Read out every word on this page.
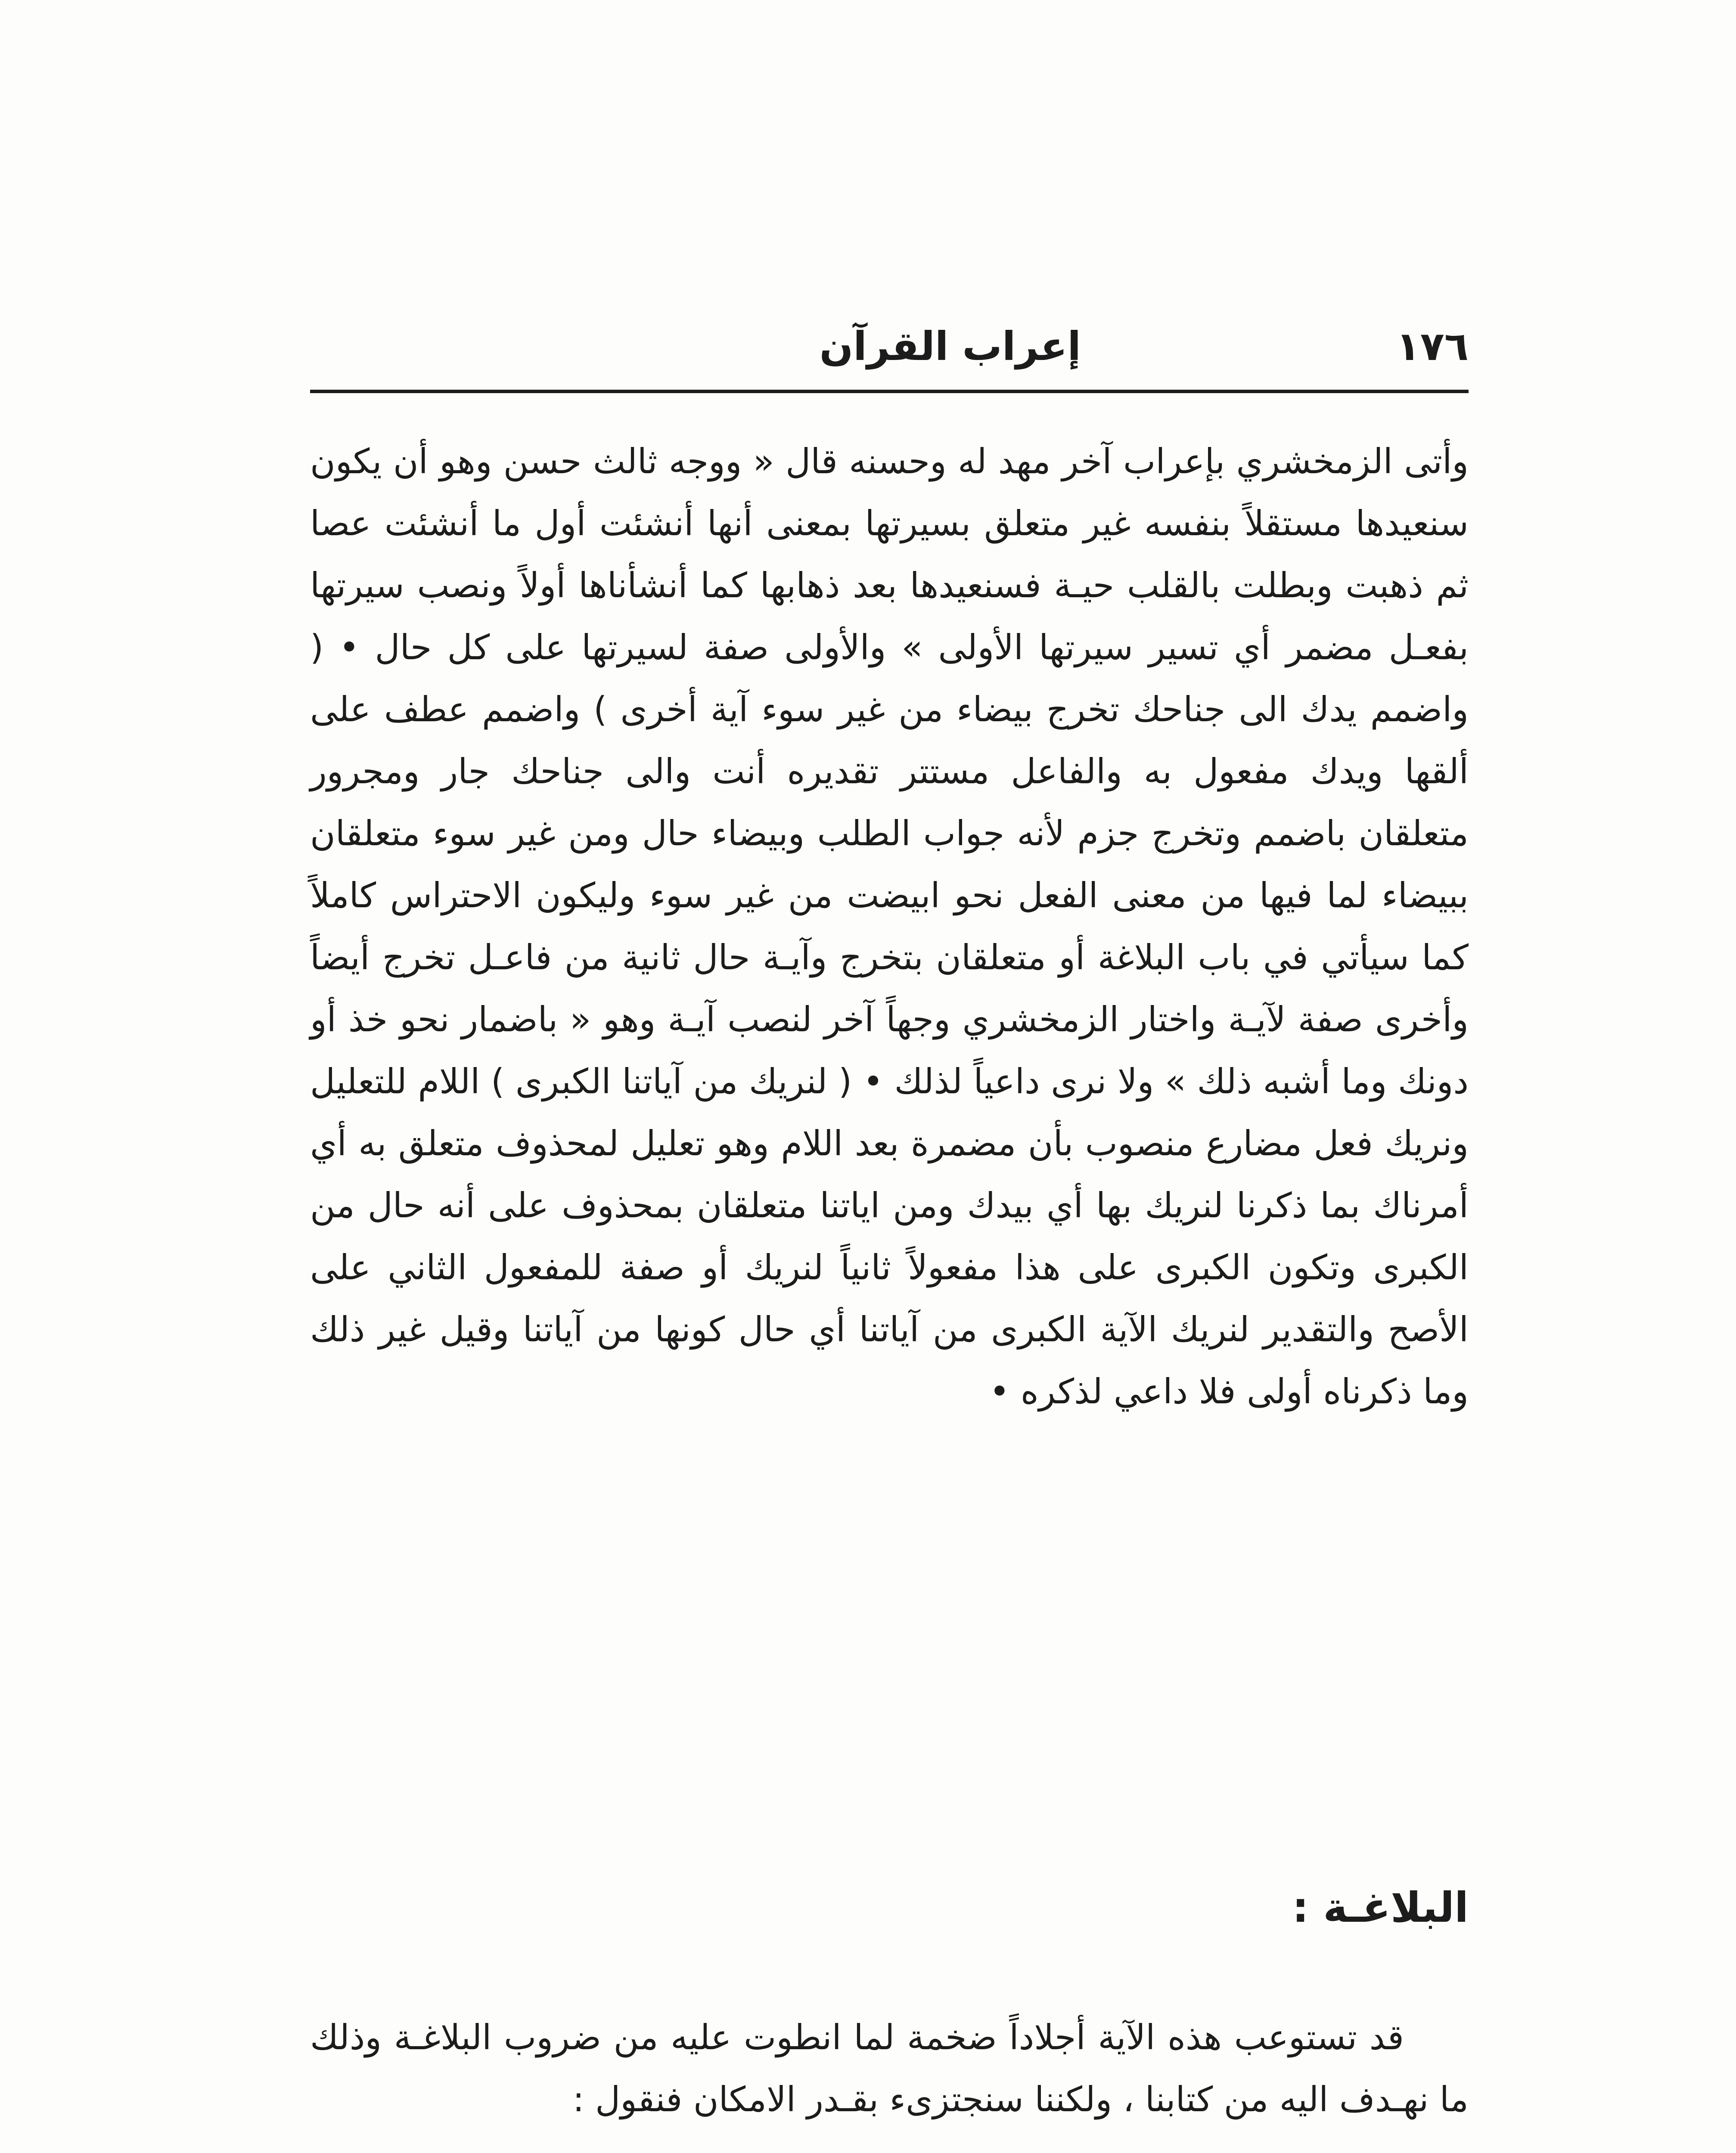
١٧٦
إعراب القرآن

وأتى الزمخشري بإعراب آخر مهد له وحسنه قال « ووجه ثالث حسن وهو أن يكون سنعيدها مستقلاً بنفسه غير متعلق بسيرتها بمعنى أنها أنشئت أول ما أنشئت عصا ثم ذهبت وبطلت بالقلب حيـة فسنعيدها بعد ذهابها كما أنشأناها أولاً ونصب سيرتها بفعـل مضمر أي تسير سيرتها الأولى » والأولى صفة لسيرتها على كل حال • ( واضمم يدك الى جناحك تخرج بيضاء من غير سوء آية أخرى ) واضمم عطف على ألقها ويدك مفعول به والفاعل مستتر تقديره أنت والى جناحك جار ومجرور متعلقان باضمم وتخرج جزم لأنه جواب الطلب وبيضاء حال ومن غير سوء متعلقان ببيضاء لما فيها من معنى الفعل نحو ابيضت من غير سوء وليكون الاحتراس كاملاً كما سيأتي في باب البلاغة أو متعلقان بتخرج وآيـة حال ثانية من فاعـل تخرج أيضاً وأخرى صفة لآيـة واختار الزمخشري وجهاً آخر لنصب آيـة وهو « باضمار نحو خذ أو دونك وما أشبه ذلك » ولا نرى داعياً لذلك • ( لنريك من آياتنا الكبرى ) اللام للتعليل ونريك فعل مضارع منصوب بأن مضمرة بعد اللام وهو تعليل لمحذوف متعلق به أي أمرناك بما ذكرنا لنريك بها أي بيدك ومن اياتنا متعلقان بمحذوف على أنه حال من الكبرى وتكون الكبرى على هذا مفعولاً ثانياً لنريك أو صفة للمفعول الثاني على الأصح والتقدير لنريك الآية الكبرى من آياتنا أي حال كونها من آياتنا وقيل غير ذلك وما ذكرناه أولى فلا داعي لذكره •

البلاغـة :

قد تستوعب هذه الآية أجلاداً ضخمة لما انطوت عليه من ضروب البلاغـة وذلك ما نهـدف اليه من كتابنا ، ولكننا سنجتزىء بقـدر الامكان فنقول :
